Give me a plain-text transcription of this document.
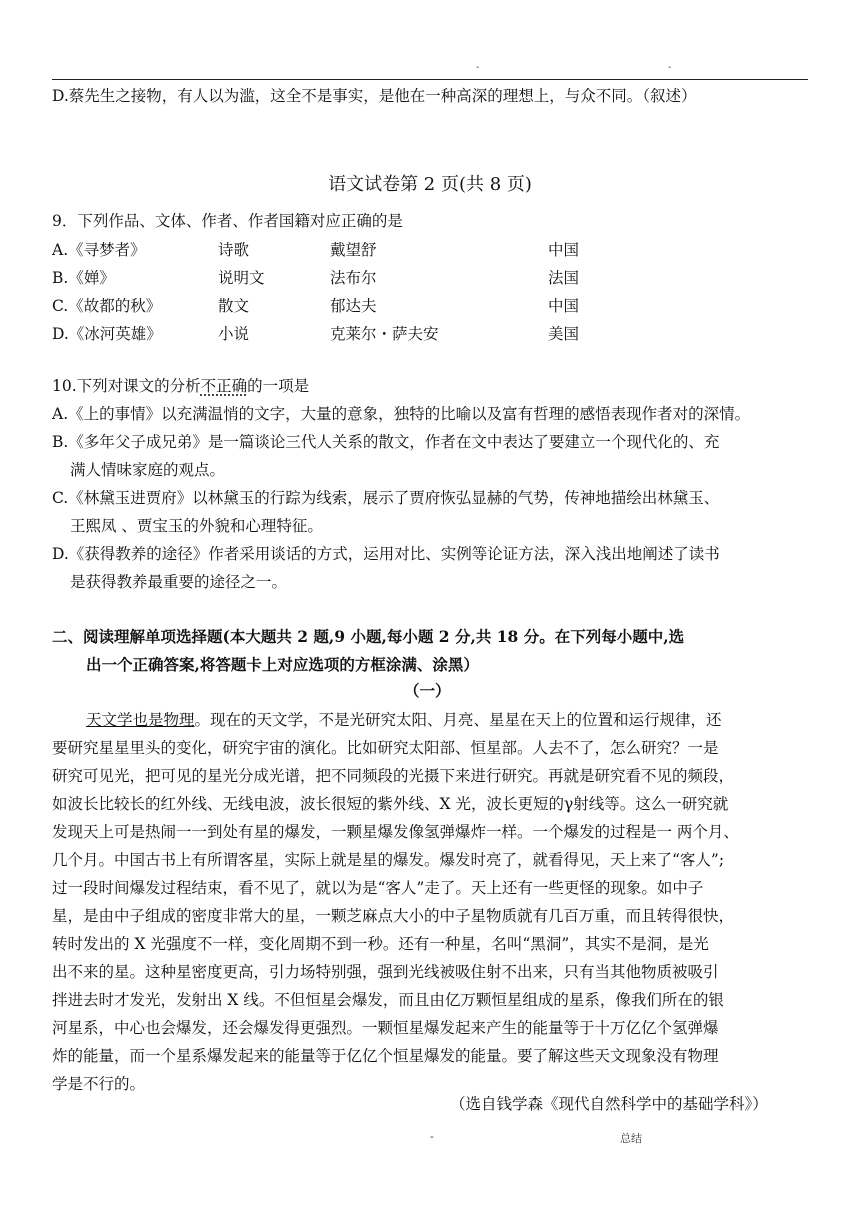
-	-
D.蔡先生之接物，有人以为滥，这全不是事实，是他在一种高深的理想上，与众不同。（叙述）
语文试卷第 2 页(共 8 页)
9．下列作品、文体、作者、作者国籍对应正确的是
A.《寻梦者》	诗歌	戴望舒	中国
B.《婵》	说明文	法布尔	法国
C.《故都的秋》	散文	郁达夫	中国
D.《冰河英雄》	小说	克莱尔・萨夫安	美国
10.下列对课文的分析不正确的一项是
A.《上的事情》以充满温悄的文字，大量的意象，独特的比喻以及富有哲理的感悟表现作者对的深情。
B.《多年父子成兄弟》是一篇谈论三代人关系的散文，作者在文中表达了要建立一个现代化的、充
满人情味家庭的观点。
C.《林黛玉进贾府》以林黛玉的行踪为线索，展示了贾府恢弘显赫的气势，传神地描绘出林黛玉、
王熙凤 、贾宝玉的外貌和心理特征。
D.《获得教养的途径》作者采用谈话的方式，运用对比、实例等论证方法，深入浅出地阐述了读书
是获得教养最重要的途径之一。
二、阅读理解单项选择题(本大题共 2 题,9 小题,每小题 2 分,共 18 分。在下列每小题中,选
出一个正确答案,将答题卡上对应选项的方框涂满、涂黑）
（一）
天文学也是物理。现在的天文学，不是光研究太阳、月亮、星星在天上的位置和运行规律，还
要研究星星里头的变化，研究宇宙的演化。比如研究太阳部、恒星部。人去不了，怎么研究？一是
研究可见光，把可见的星光分成光谱，把不同频段的光摄下来进行研究。再就是研究看不见的频段，
如波长比较长的红外线、无线电波，波长很短的紫外线、X 光，波长更短的γ射线等。这么一研究就
发现天上可是热闹一一到处有星的爆发，一颗星爆发像氢弹爆炸一样。一个爆发的过程是一 两个月、
几个月。中国古书上有所谓客星，实际上就是星的爆发。爆发时亮了，就看得见，天上来了“客人”;
过一段时间爆发过程结束，看不见了，就以为是“客人”走了。天上还有一些更怪的现象。如中子
星，是由中子组成的密度非常大的星，一颗芝麻点大小的中子星物质就有几百万重，而且转得很快，
转时发出的 X 光强度不一样，变化周期不到一秒。还有一种星，名叫“黑洞”，其实不是洞，是光
出不来的星。这种星密度更高，引力场特别强，强到光线被吸住射不出来，只有当其他物质被吸引
拌进去时才发光，发射出 X 线。不但恒星会爆发，而且由亿万颗恒星组成的星系，像我们所在的银
河星系，中心也会爆发，还会爆发得更强烈。一颗恒星爆发起来产生的能量等于十万亿亿个氢弹爆
炸的能量，而一个星系爆发起来的能量等于亿亿个恒星爆发的能量。要了解这些天文现象没有物理
学是不行的。
（选自钱学森《现代自然科学中的基础学科》）
-	总结
